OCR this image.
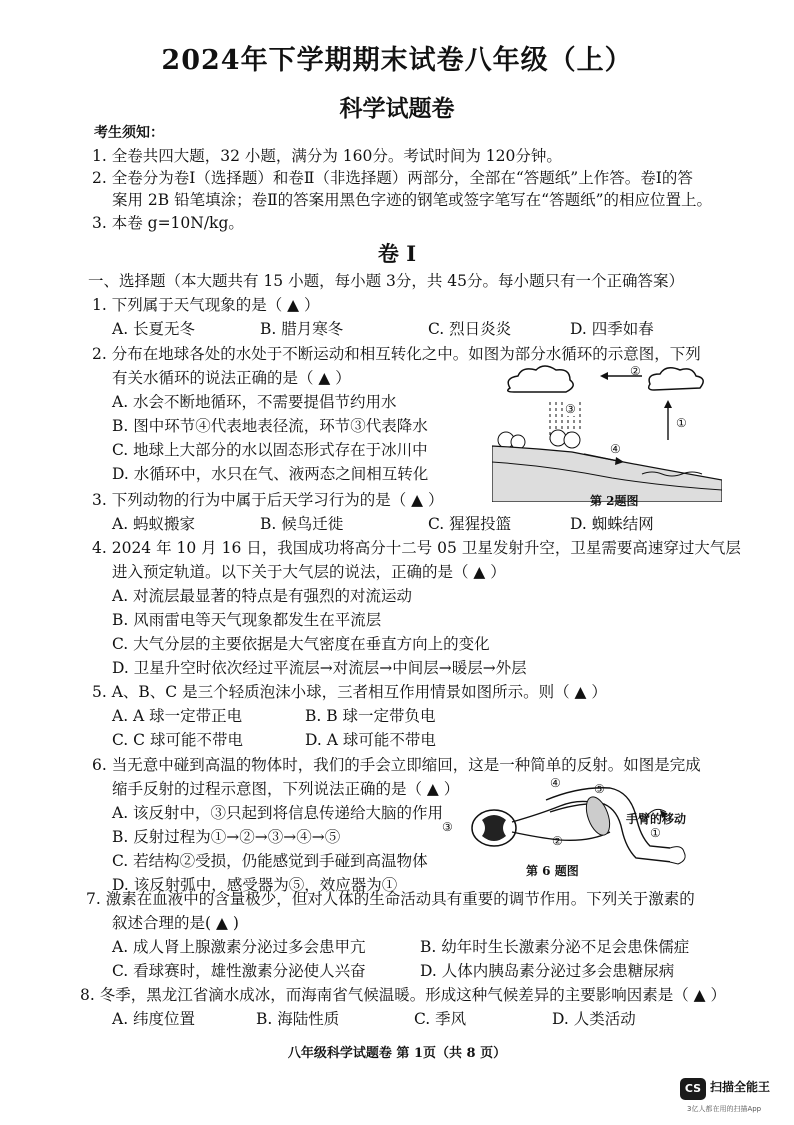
2024年下学期期末试卷八年级（上）
科学试题卷
考生须知：
1. 全卷共四大题，32 小题，满分为 160分。考试时间为 120分钟。
2. 全卷分为卷Ⅰ（选择题）和卷Ⅱ（非选择题）两部分，全部在“答题纸”上作答。卷Ⅰ的答
案用 2B 铅笔填涂；卷Ⅱ的答案用黑色字迹的钢笔或签字笔写在“答题纸”的相应位置上。
3. 本卷 g=10N/kg。
卷 Ⅰ
一、选择题（本大题共有 15 小题，每小题 3分，共 45分。每小题只有一个正确答案）
1. 下列属于天气现象的是（ ▲ ）
A. 长夏无冬	B. 腊月寒冬	C. 烈日炎炎	D. 四季如春
2. 分布在地球各处的水处于不断运动和相互转化之中。如图为部分水循环的示意图，下列
有关水循环的说法正确的是（ ▲ ）
A. 水会不断地循环，不需要提倡节约用水
B. 图中环节④代表地表径流，环节③代表降水
C. 地球上大部分的水以固态形式存在于冰川中
D. 水循环中，水只在气、液两态之间相互转化
②
①
③
④
第 2题图
3. 下列动物的行为中属于后天学习行为的是（ ▲ ）
A. 蚂蚁搬家	B. 候鸟迁徙	C. 猩猩投篮	D. 蜘蛛结网
4. 2024 年 10 月 16 日，我国成功将高分十二号 05 卫星发射升空，卫星需要高速穿过大气层
进入预定轨道。以下关于大气层的说法，正确的是（ ▲ ）
A. 对流层最显著的特点是有强烈的对流运动
B. 风雨雷电等天气现象都发生在平流层
C. 大气分层的主要依据是大气密度在垂直方向上的变化
D. 卫星升空时依次经过平流层→对流层→中间层→暖层→外层
5. A、B、C 是三个轻质泡沫小球，三者相互作用情景如图所示。则（ ▲ ）
A. A 球一定带正电	B. B 球一定带负电
C. C 球可能不带电	D. A 球可能不带电
6. 当无意中碰到高温的物体时，我们的手会立即缩回，这是一种简单的反射。如图是完成
缩手反射的过程示意图，下列说法正确的是（ ▲ ）
A. 该反射中，③只起到将信息传递给大脑的作用
B. 反射过程为①→②→③→④→⑤
C. 若结构②受损，仍能感觉到手碰到高温物体
D. 该反射弧中，感受器为⑤，效应器为①
④	⑤
③
②
①
手臂的移动
第 6 题图
7. 激素在血液中的含量极少，但对人体的生命活动具有重要的调节作用。下列关于激素的
叙述合理的是( ▲ )
A. 成人肾上腺激素分泌过多会患甲亢	B. 幼年时生长激素分泌不足会患侏儒症
C. 看球赛时，雄性激素分泌使人兴奋	D. 人体内胰岛素分泌过多会患糖尿病
8. 冬季，黑龙江省滴水成冰，而海南省气候温暖。形成这种气候差异的主要影响因素是（ ▲ ）
A. 纬度位置	B. 海陆性质	C. 季风	D. 人类活动
八年级科学试题卷 第 1页（共 8 页）
CS 扫描全能王
3亿人都在用的扫描App
